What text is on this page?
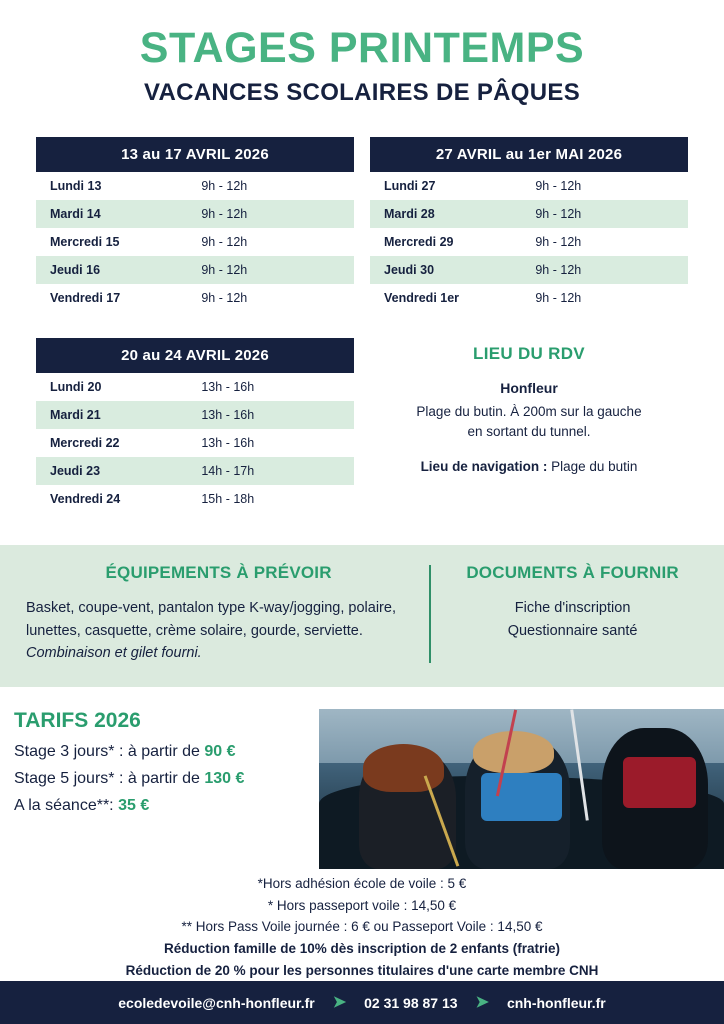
STAGES PRINTEMPS
VACANCES SCOLAIRES DE PÂQUES
13 au 17 AVRIL 2026
Lundi 13	9h - 12h
Mardi 14	9h - 12h
Mercredi 15	9h - 12h
Jeudi 16	9h - 12h
Vendredi 17	9h - 12h
27 AVRIL au 1er MAI 2026
Lundi 27	9h - 12h
Mardi 28	9h - 12h
Mercredi 29	9h - 12h
Jeudi 30	9h - 12h
Vendredi 1er	9h - 12h
20 au 24 AVRIL 2026
Lundi 20	13h - 16h
Mardi 21	13h - 16h
Mercredi 22	13h - 16h
Jeudi 23	14h - 17h
Vendredi 24	15h - 18h
LIEU DU RDV
Honfleur
Plage du butin. À 200m sur la gauche
en sortant du tunnel.
Lieu de navigation : Plage du butin
ÉQUIPEMENTS À PRÉVOIR
Basket, coupe-vent, pantalon type K-way/jogging, polaire, lunettes, casquette, crème solaire, gourde, serviette. Combinaison et gilet fourni.
DOCUMENTS À FOURNIR
Fiche d'inscription
Questionnaire santé
TARIFS 2026
Stage 3 jours* : à partir de 90 €
Stage 5 jours* : à partir de 130 €
A la séance**: 35 €
*Hors adhésion école de voile : 5 €
* Hors passeport voile : 14,50 €
** Hors Pass Voile journée : 6 € ou Passeport Voile : 14,50 €
Réduction famille de 10% dès inscription de 2 enfants (fratrie)
Réduction de 20 % pour les personnes titulaires d'une carte membre CNH
ecoledevoile@cnh-honfleur.fr ➤ 02 31 98 87 13 ➤ cnh-honfleur.fr
